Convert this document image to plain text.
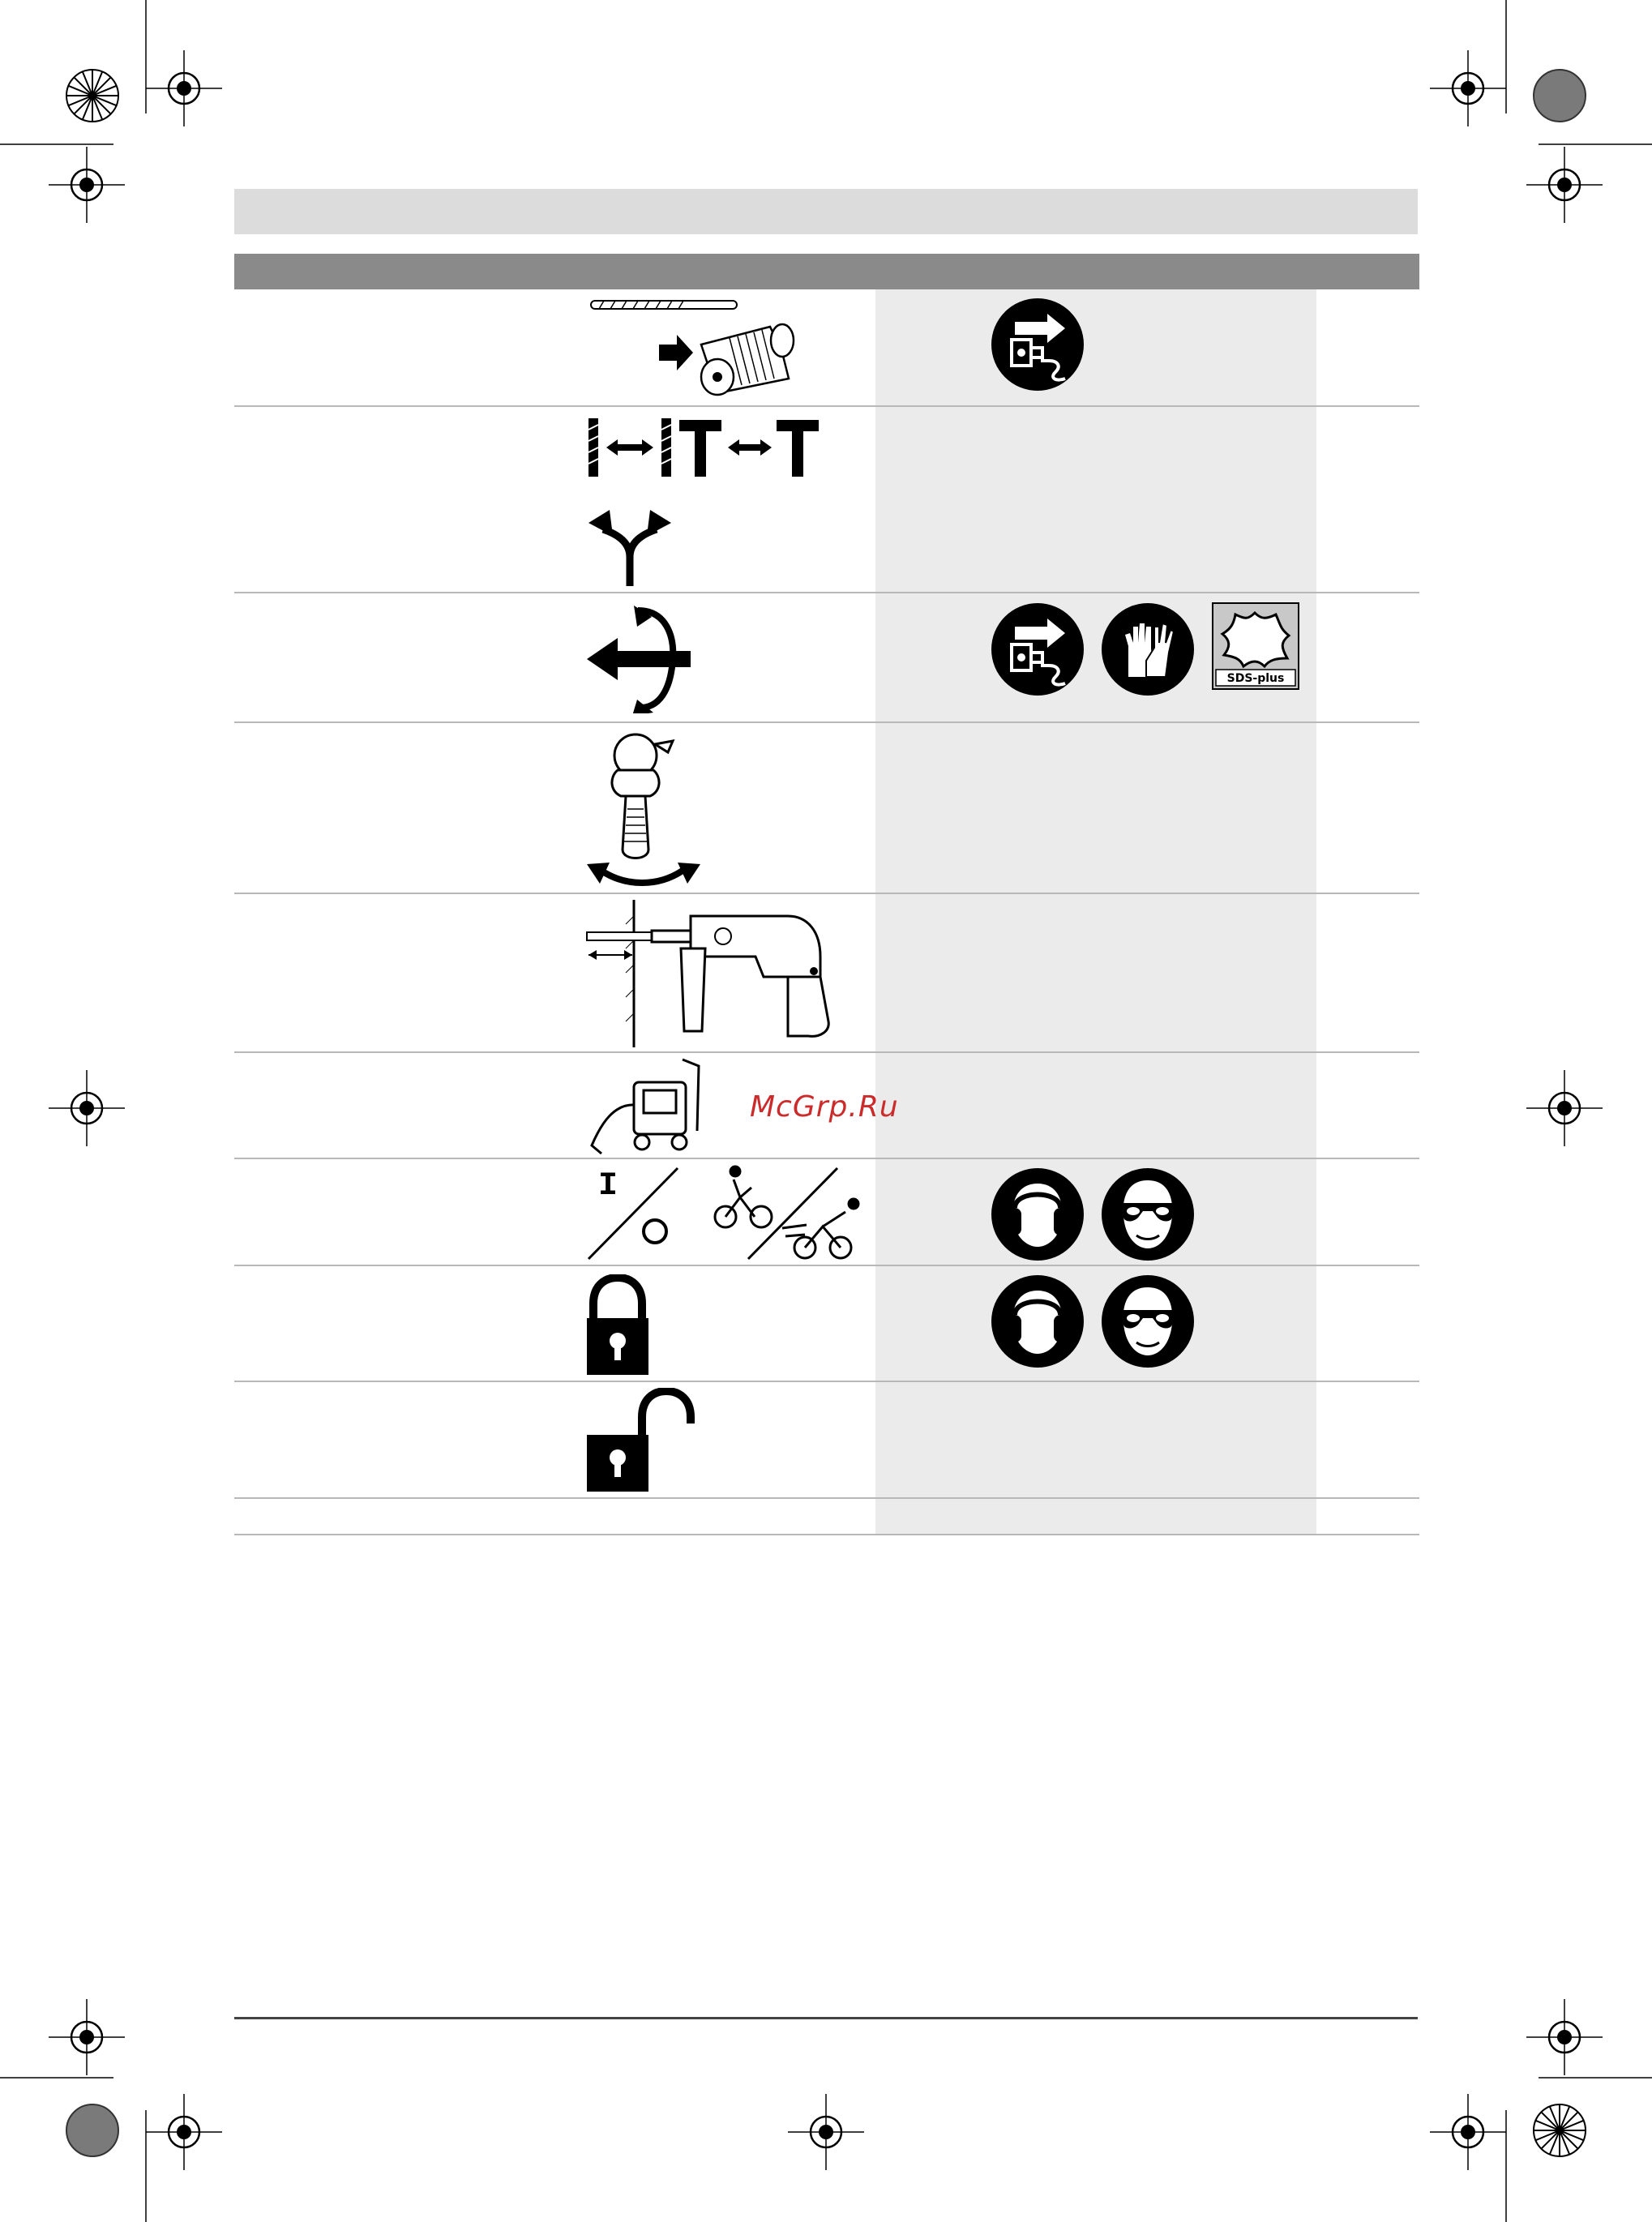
SDS-plus
McGrp.Ru
I
